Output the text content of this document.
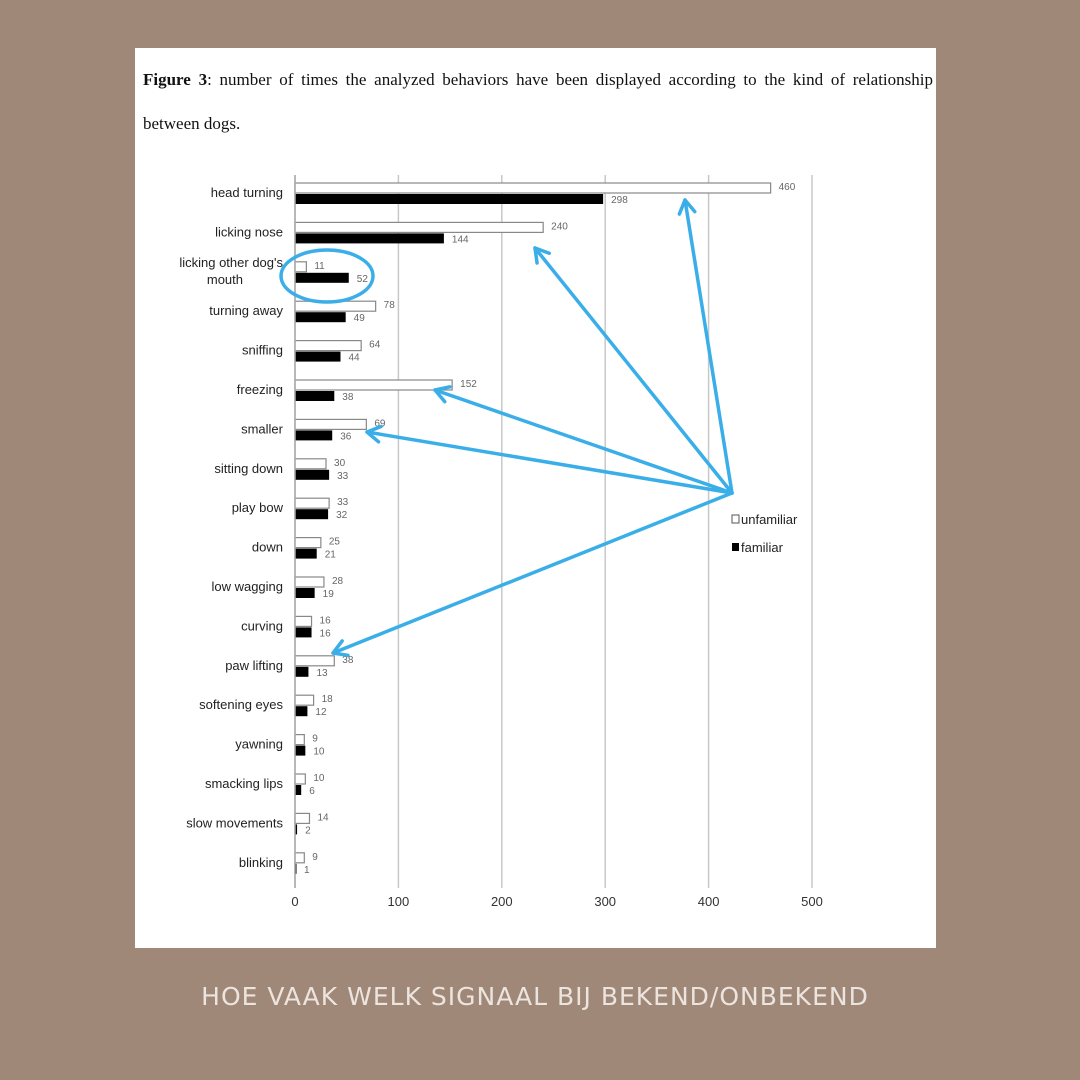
Figure 3: number of times the analyzed behaviors have been displayed according to the kind of relationship between dogs.
0	100	200	300	400	500
460
298
head turning
240
144
licking nose
11
52
licking other dog's
mouth
78
49
turning away
64
44
sniffing
152
38
freezing
69
36
smaller
30
33
sitting down
33
32
play bow
25
21
down
28
19
low wagging
16
16
curving
38
13
paw lifting
18
12
softening eyes
9
10
yawning
10
6
smacking lips
14
2
slow movements
9
1
blinking
unfamiliar
familiar
HOE VAAK WELK SIGNAAL BIJ BEKEND/ONBEKEND
